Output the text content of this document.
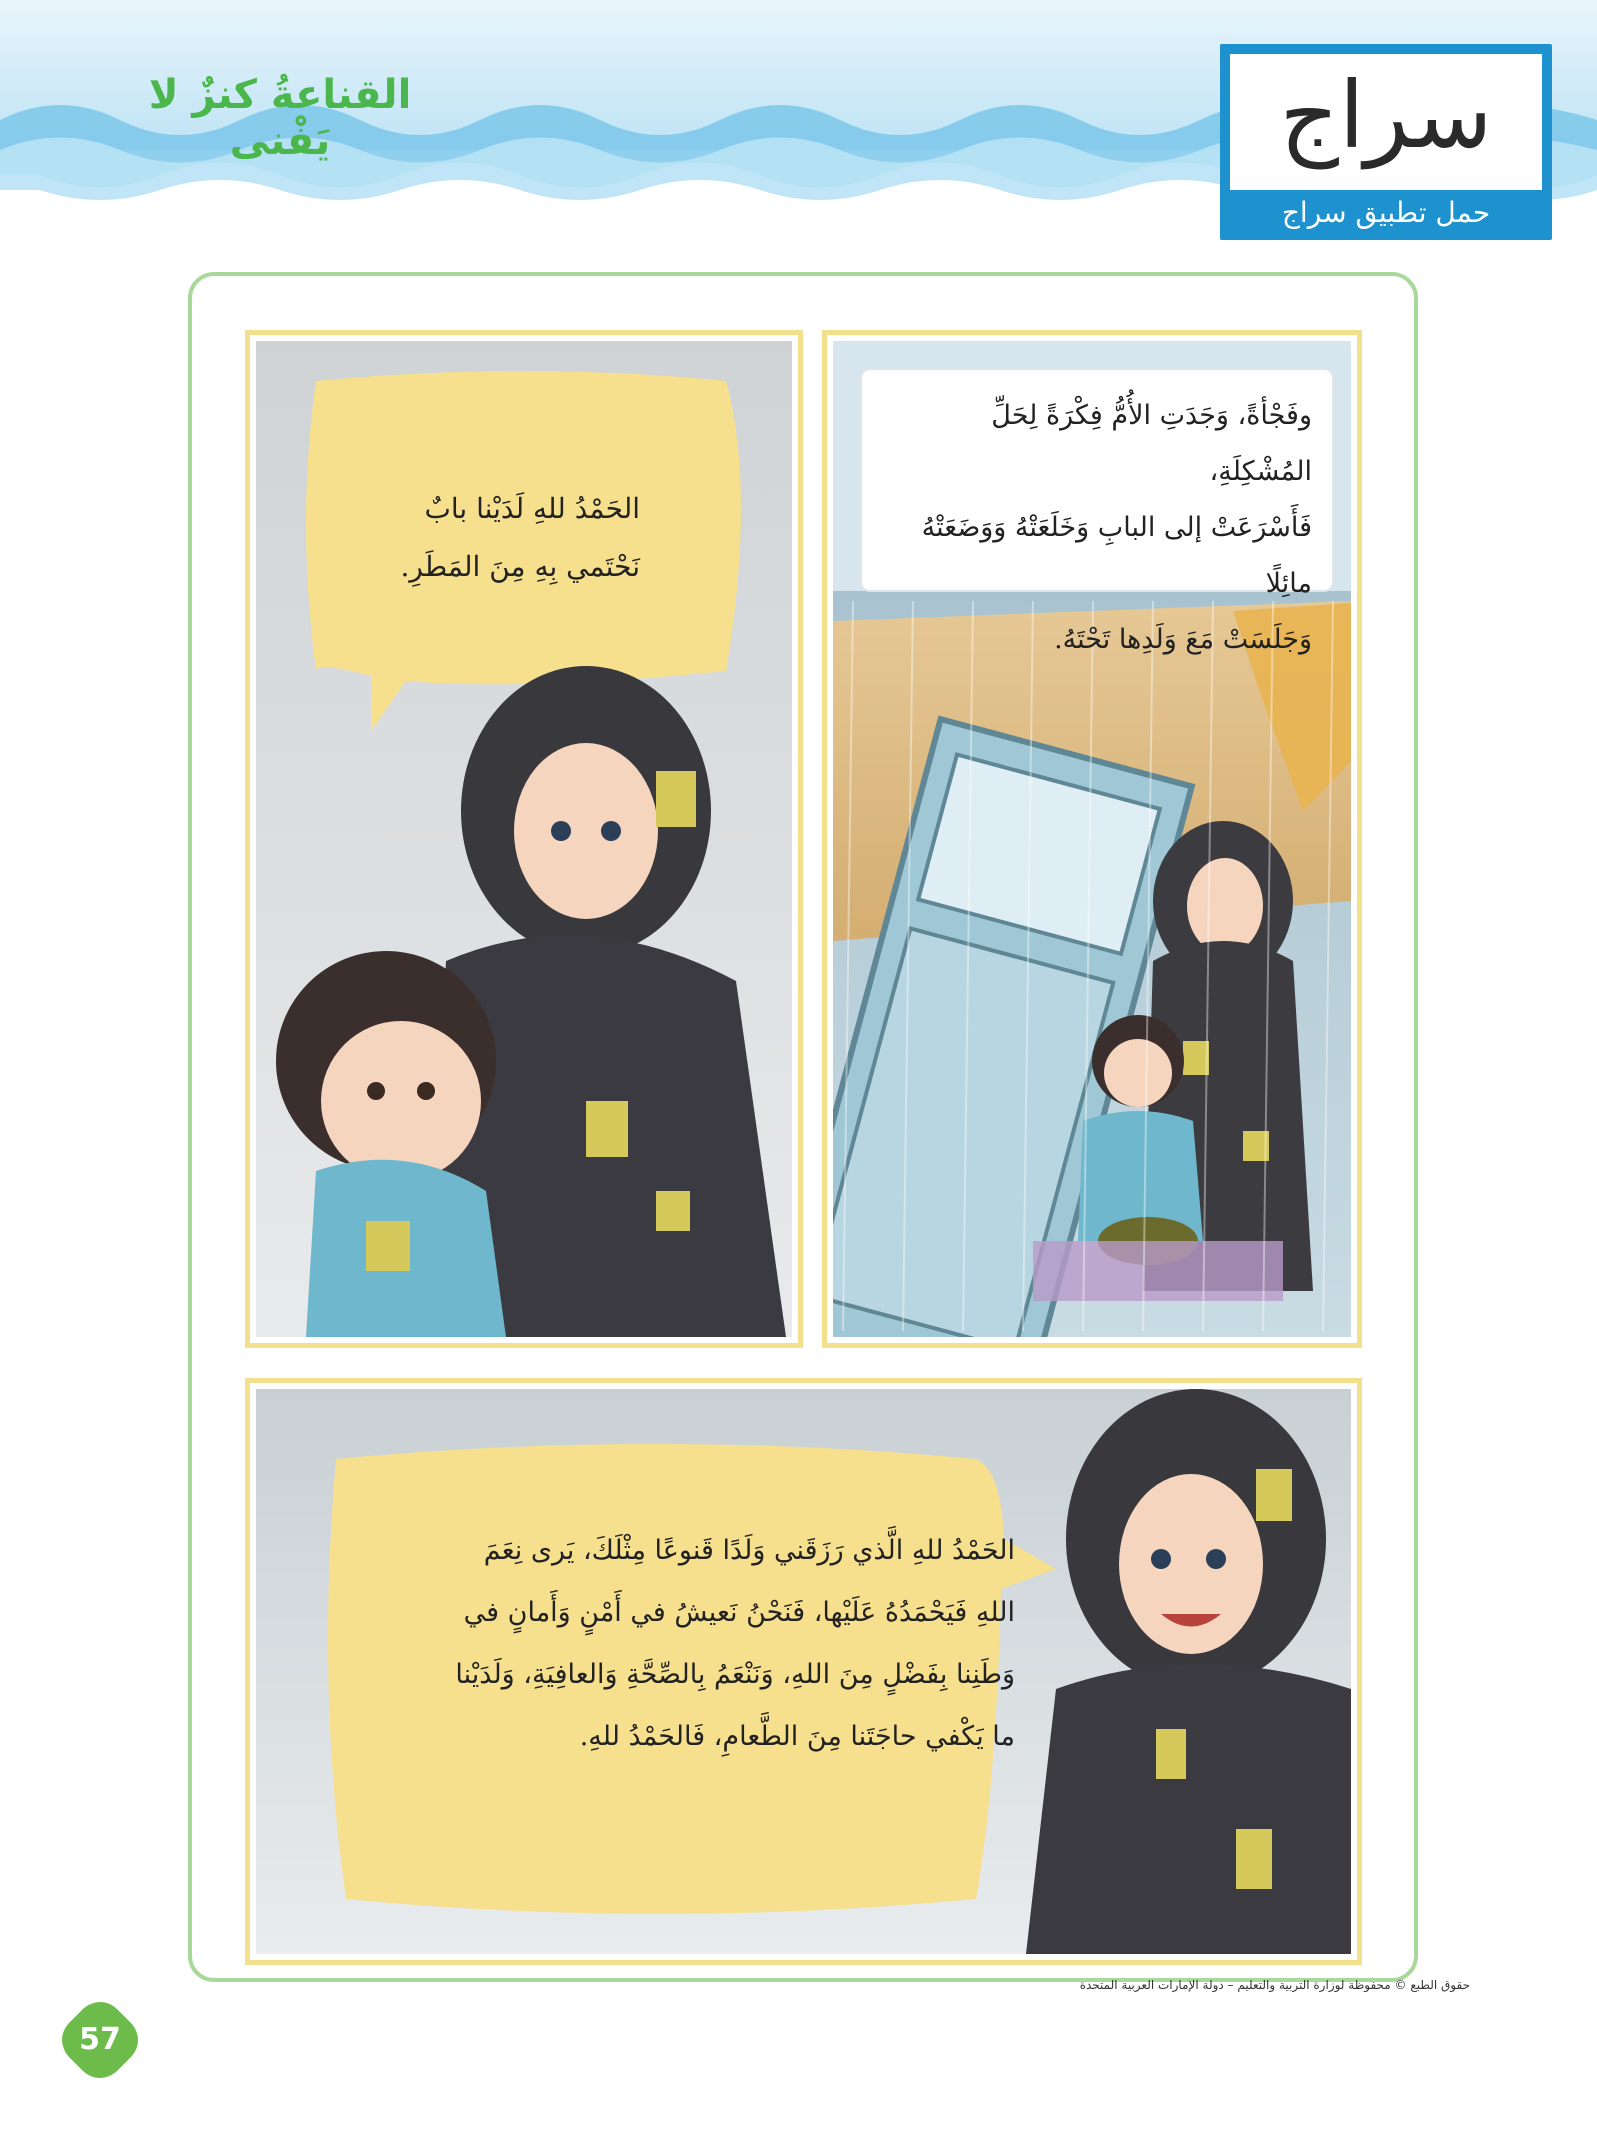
القناعةُ كنزٌ لا يَفْنى	سراج
حمل تطبيق سراج
وفَجْأةً، وَجَدَتِ الأُمُّ فِكْرَةً لِحَلِّ المُشْكِلَةِ،
فَأَسْرَعَتْ إلى البابِ وَخَلَعَتْهُ وَوَضَعَتْهُ مائِلًا
وَجَلَسَتْ مَعَ وَلَدِها تَحْتَهُ.
الحَمْدُ للهِ لَدَيْنا بابٌ
نَحْتَمي بِهِ مِنَ المَطَرِ.
الحَمْدُ للهِ الَّذي رَزَقَني وَلَدًا قَنوعًا مِثْلَكَ، يَرى نِعَمَ
اللهِ فَيَحْمَدُهُ عَلَيْها، فَنَحْنُ نَعيشُ في أَمْنٍ وَأَمانٍ في
وَطَنِنا بِفَضْلٍ مِنَ اللهِ، وَنَنْعَمُ بِالصِّحَّةِ وَالعافِيَةِ، وَلَدَيْنا
ما يَكْفي حاجَتَنا مِنَ الطَّعامِ، فَالحَمْدُ للهِ.
حقوق الطبع © محفوظة لوزارة التربية والتعليم – دولة الإمارات العربية المتحدة
57
